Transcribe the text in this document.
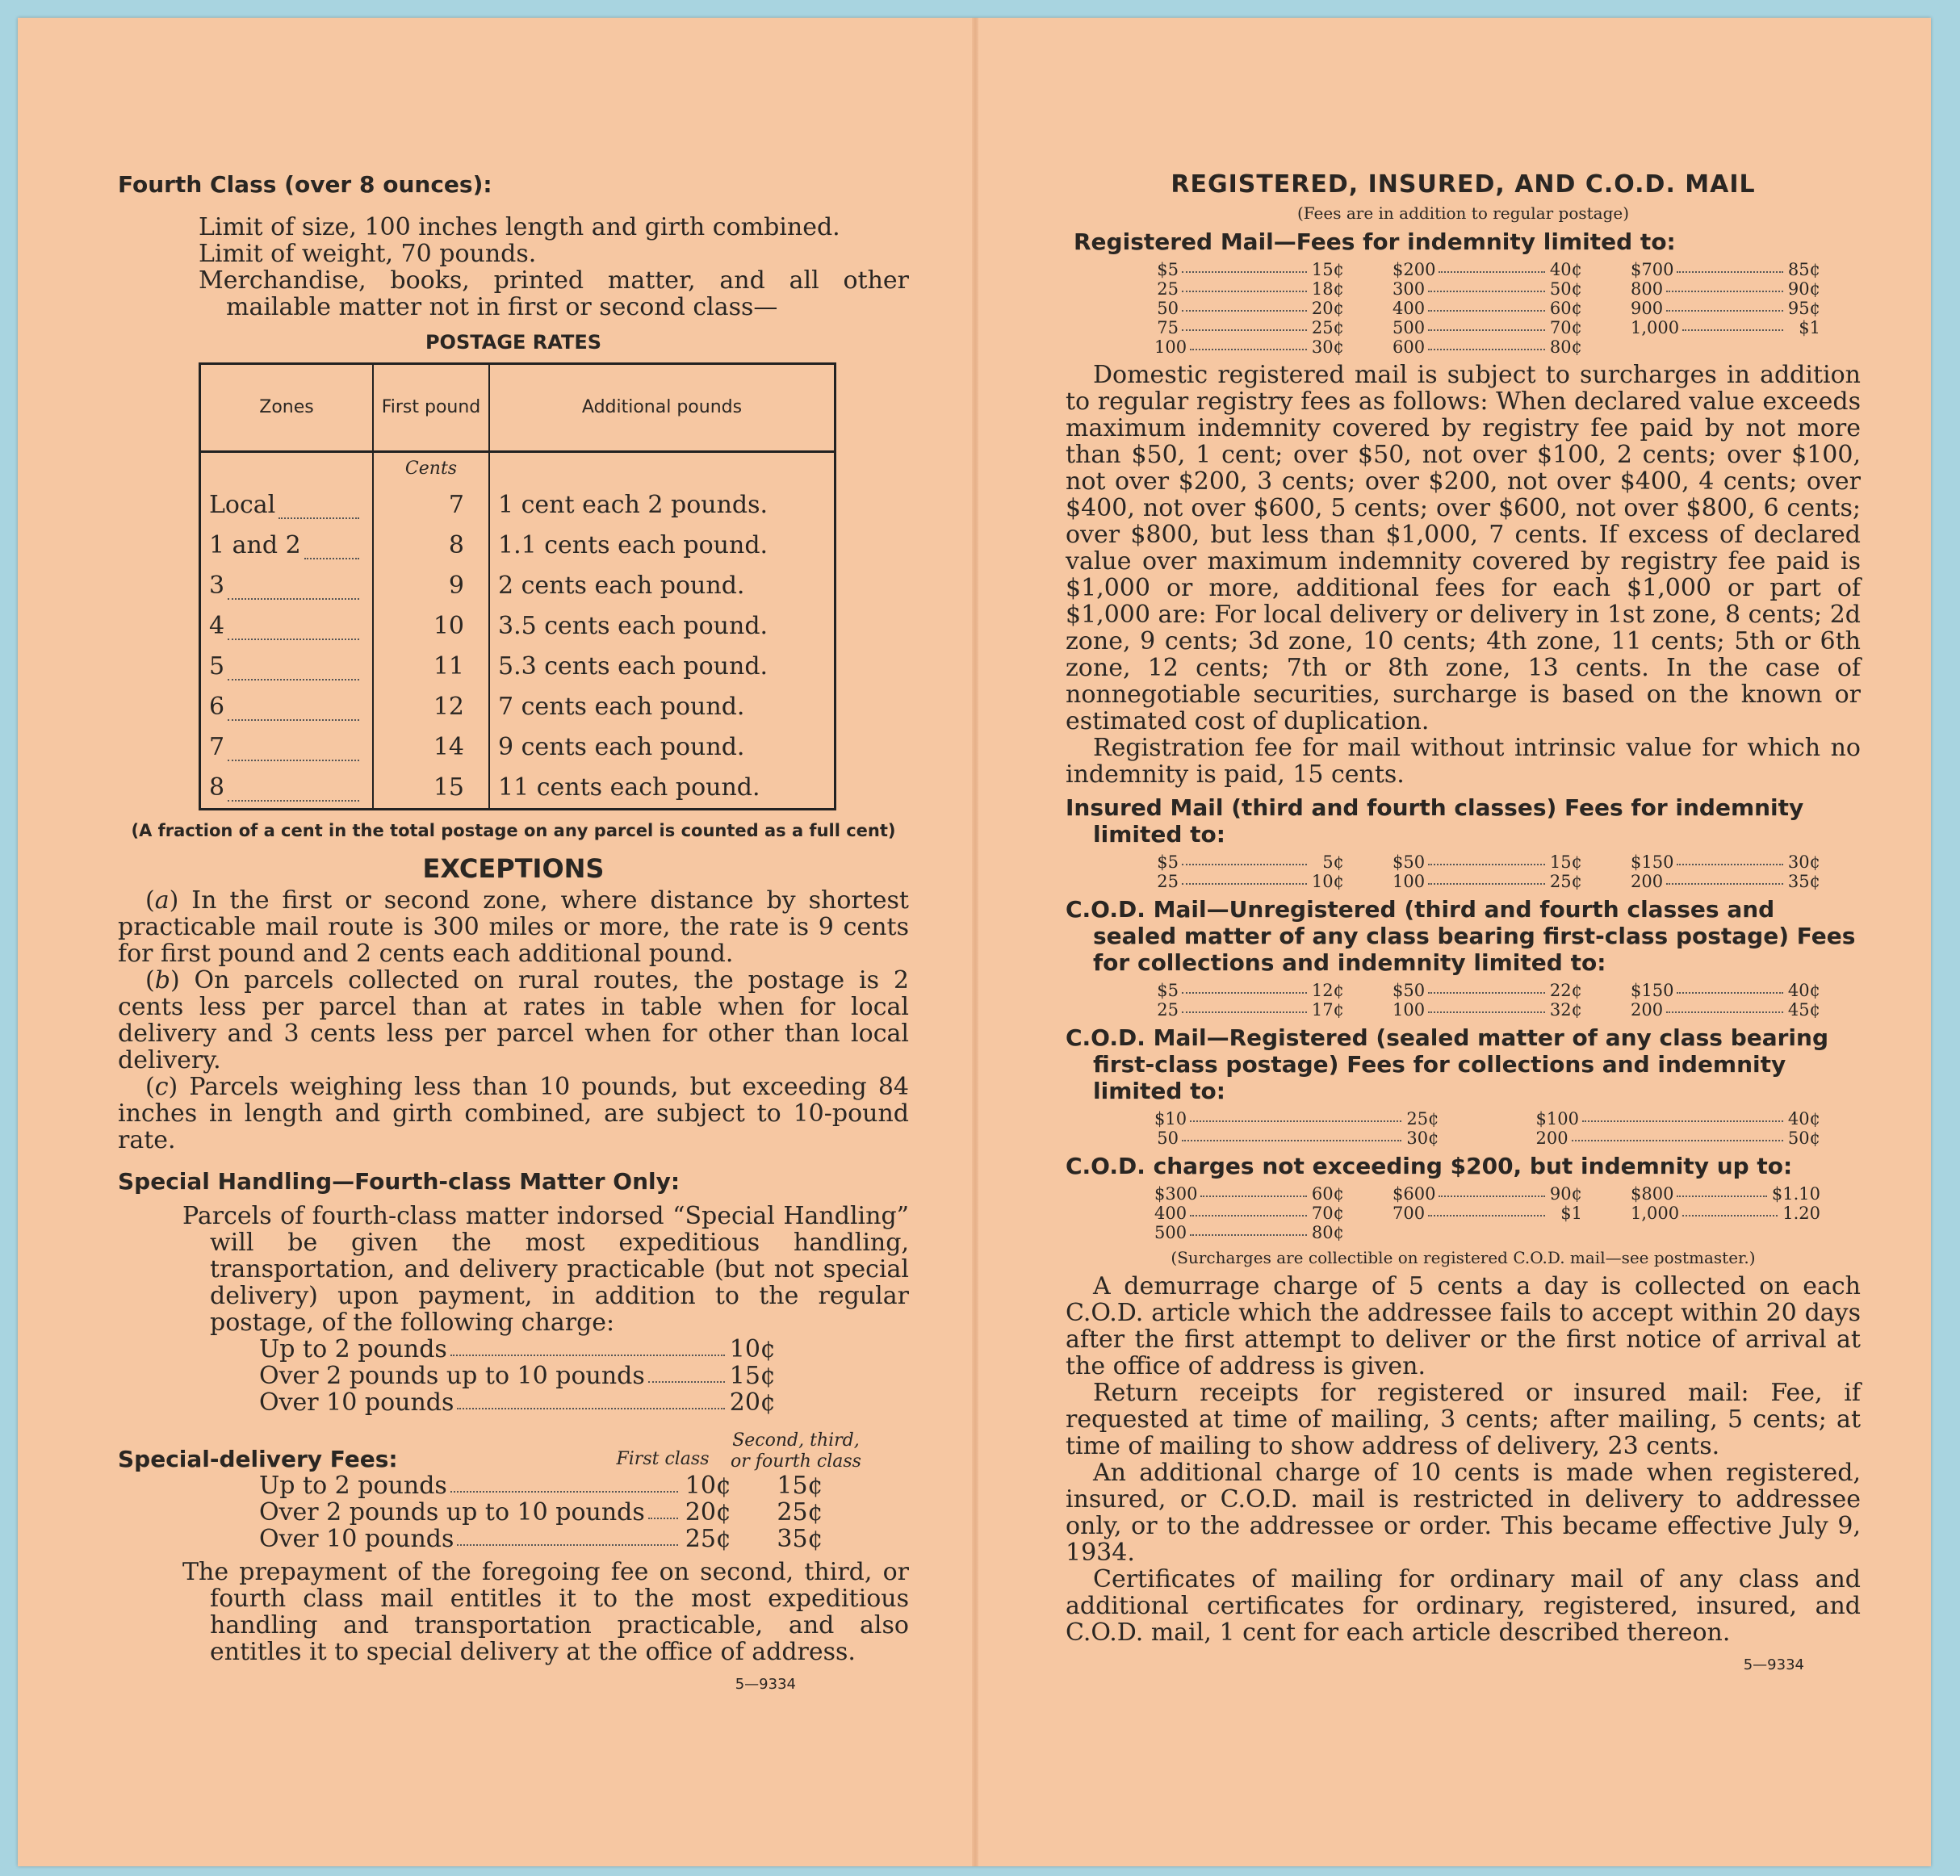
Fourth Class (over 8 ounces):
Limit of size, 100 inches length and girth combined.
Limit of weight, 70 pounds.
Merchandise, books, printed matter, and all other mailable matter not in first or second class—
POSTAGE RATES
Zones	First pound	Additional pounds
	Cents	

Local	7	1 cent each 2 pounds.

1 and 2	8	1.1 cents each pound.

3	9	2 cents each pound.

4	10	3.5 cents each pound.

5	11	5.3 cents each pound.

6	12	7 cents each pound.

7	14	9 cents each pound.

8	15	11 cents each pound.
(A fraction of a cent in the total postage on any parcel is counted as a full cent)
EXCEPTIONS
(a) In the first or second zone, where distance by shortest practicable mail route is 300 miles or more, the rate is 9 cents for first pound and 2 cents each additional pound.
(b) On parcels collected on rural routes, the postage is 2 cents less per parcel than at rates in table when for local delivery and 3 cents less per parcel when for other than local delivery.
(c) Parcels weighing less than 10 pounds, but exceeding 84 inches in length and girth combined, are subject to 10-pound rate.
Special Handling—Fourth-class Matter Only:
Parcels of fourth-class matter indorsed “Special Handling” will be given the most expeditious handling, transportation, and delivery practicable (but not special delivery) upon payment, in addition to the regular postage, of the following charge:
Up to 2 pounds	10¢
Over 2 pounds up to 10 pounds	15¢
Over 10 pounds	20¢
Special-delivery Fees:	First class
Second, third, or fourth class
Up to 2 pounds	10¢	15¢
Over 2 pounds up to 10 pounds 20¢	25¢
Over 10 pounds	25¢	35¢
The prepayment of the foregoing fee on second, third, or fourth class mail entitles it to the most expeditious handling and transportation practicable, and also entitles it to special delivery at the office of address.
5—9334
REGISTERED, INSURED, AND C.O.D. MAIL
(Fees are in addition to regular postage)
Registered Mail—Fees for indemnity limited to:
$5	15¢
25	18¢
50	20¢
75	25¢
100	30¢
$200	40¢
300	50¢
400	60¢
500	70¢
600	80¢
$700	85¢
800	90¢
900	95¢
1,000	$1
Domestic registered mail is subject to surcharges in addition to regular registry fees as follows: When declared value exceeds maximum indemnity covered by registry fee paid by not more than $50, 1 cent; over $50, not over $100, 2 cents; over $100, not over $200, 3 cents; over $200, not over $400, 4 cents; over $400, not over $600, 5 cents; over $600, not over $800, 6 cents; over $800, but less than $1,000, 7 cents. If excess of declared value over maximum indemnity covered by registry fee paid is $1,000 or more, additional fees for each $1,000 or part of $1,000 are: For local delivery or delivery in 1st zone, 8 cents; 2d zone, 9 cents; 3d zone, 10 cents; 4th zone, 11 cents; 5th or 6th zone, 12 cents; 7th or 8th zone, 13 cents. In the case of nonnegotiable securities, surcharge is based on the known or estimated cost of duplication.
Registration fee for mail without intrinsic value for which no indemnity is paid, 15 cents.
Insured Mail (third and fourth classes) Fees for indemnity limited to:
$5	5¢
25	10¢
$50	15¢
100	25¢
$150	30¢
200	35¢
C.O.D. Mail—Unregistered (third and fourth classes and sealed matter of any class bearing first-class postage) Fees for collections and indemnity limited to:
$5	12¢
25	17¢
$50	22¢
100	32¢
$150	40¢
200	45¢
C.O.D. Mail—Registered (sealed matter of any class bearing first-class postage) Fees for collections and indemnity limited to:
$10	25¢
50	30¢
$100	40¢
200	50¢
C.O.D. charges not exceeding $200, but indemnity up to:
$300	60¢
400	70¢
500	80¢
$600	90¢
700	$1
$800	$1.10
1,000	1.20
(Surcharges are collectible on registered C.O.D. mail—see postmaster.)
A demurrage charge of 5 cents a day is collected on each C.O.D. article which the addressee fails to accept within 20 days after the first attempt to deliver or the first notice of arrival at the office of address is given.
Return receipts for registered or insured mail: Fee, if requested at time of mailing, 3 cents; after mailing, 5 cents; at time of mailing to show address of delivery, 23 cents.
An additional charge of 10 cents is made when registered, insured, or C.O.D. mail is restricted in delivery to addressee only, or to the addressee or order. This became effective July 9, 1934.
Certificates of mailing for ordinary mail of any class and additional certificates for ordinary, registered, insured, and C.O.D. mail, 1 cent for each article described thereon.
5—9334
